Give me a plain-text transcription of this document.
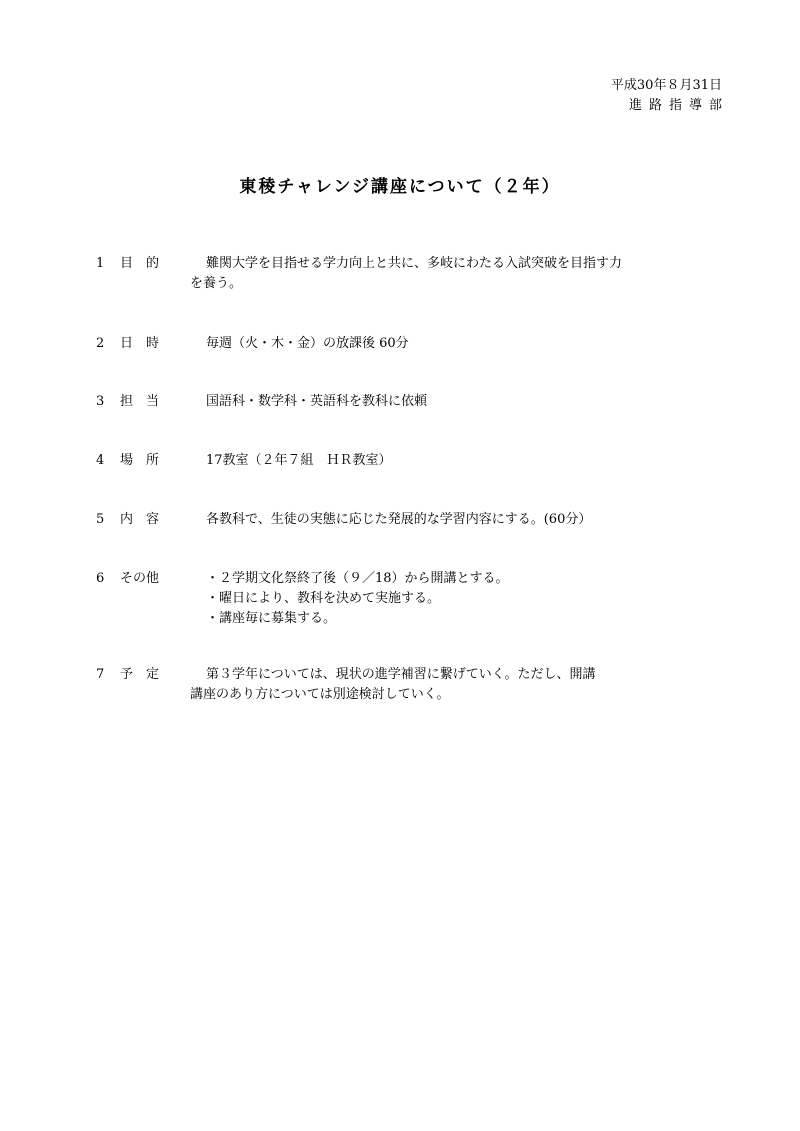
平成30年８月31日
進路指導部
東稜チャレンジ講座について（２年）
1	目　的	難関大学を目指せる学力向上と共に、多岐にわたる入試突破を目指す力
を養う。
2	日　時	毎週（火・木・金）の放課後 60分
3	担　当	国語科・数学科・英語科を教科に依頼
4	場　所	17教室（２年７組　ＨＲ教室）
5	内　容	各教科で、生徒の実態に応じた発展的な学習内容にする。(60分）
6	その他	・２学期文化祭終了後（９／18）から開講とする。
・曜日により、教科を決めて実施する。
・講座毎に募集する。
7	予　定	第３学年については、現状の進学補習に繋げていく。ただし、開講
講座のあり方については別途検討していく。
